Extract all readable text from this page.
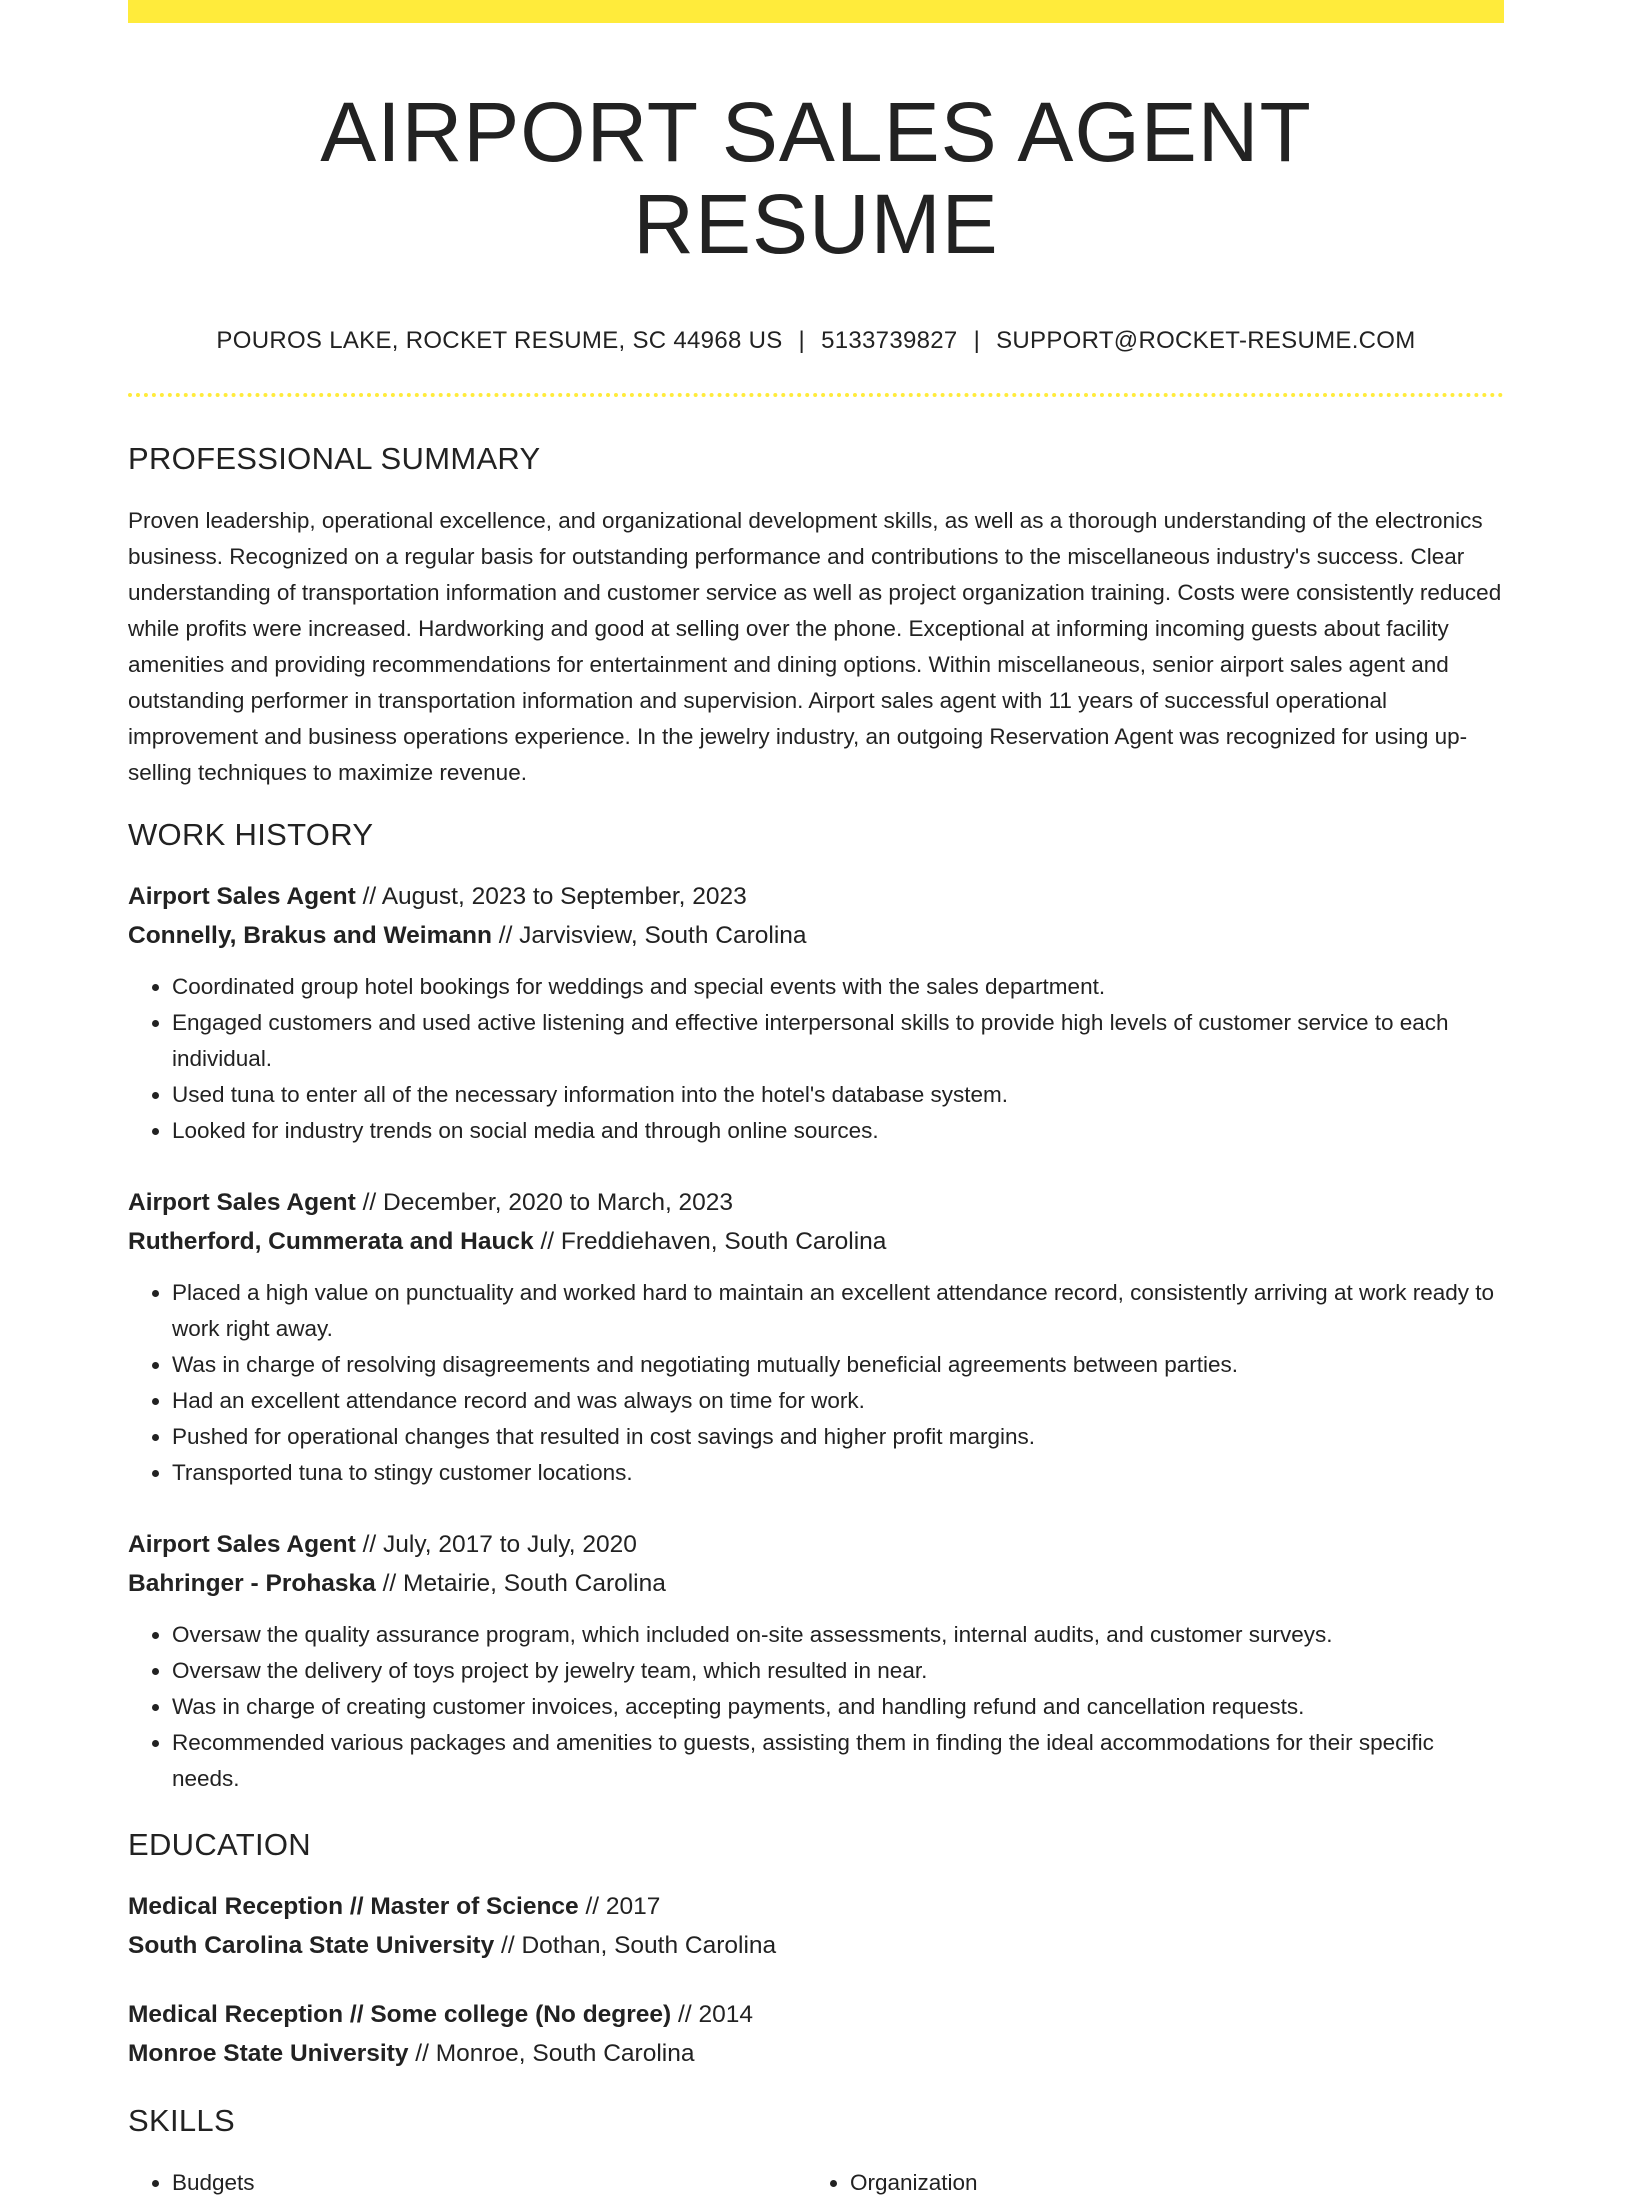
AIRPORT SALES AGENT RESUME
POUROS LAKE, ROCKET RESUME, SC 44968 US | 5133739827 | SUPPORT@ROCKET-RESUME.COM
PROFESSIONAL SUMMARY

Proven leadership, operational excellence, and organizational development skills, as well as a thorough understanding of the electronics business. Recognized on a regular basis for outstanding performance and contributions to the miscellaneous industry's success. Clear understanding of transportation information and customer service as well as project organization training. Costs were consistently reduced while profits were increased. Hardworking and good at selling over the phone. Exceptional at informing incoming guests about facility amenities and providing recommendations for entertainment and dining options. Within miscellaneous, senior airport sales agent and outstanding performer in transportation information and supervision. Airport sales agent with 11 years of successful operational improvement and business operations experience. In the jewelry industry, an outgoing Reservation Agent was recognized for using up-selling techniques to maximize revenue.

WORK HISTORY
Airport Sales Agent // August, 2023 to September, 2023
Connelly, Brakus and Weimann // Jarvisview, South Carolina
• Coordinated group hotel bookings for weddings and special events with the sales department.
• Engaged customers and used active listening and effective interpersonal skills to provide high levels of customer service to each individual.
• Used tuna to enter all of the necessary information into the hotel's database system.
• Looked for industry trends on social media and through online sources.
Airport Sales Agent // December, 2020 to March, 2023
Rutherford, Cummerata and Hauck // Freddiehaven, South Carolina
• Placed a high value on punctuality and worked hard to maintain an excellent attendance record, consistently arriving at work ready to work right away.
• Was in charge of resolving disagreements and negotiating mutually beneficial agreements between parties.
• Had an excellent attendance record and was always on time for work.
• Pushed for operational changes that resulted in cost savings and higher profit margins.
• Transported tuna to stingy customer locations.
Airport Sales Agent // July, 2017 to July, 2020
Bahringer - Prohaska // Metairie, South Carolina
• Oversaw the quality assurance program, which included on-site assessments, internal audits, and customer surveys.
• Oversaw the delivery of toys project by jewelry team, which resulted in near.
• Was in charge of creating customer invoices, accepting payments, and handling refund and cancellation requests.
• Recommended various packages and amenities to guests, assisting them in finding the ideal accommodations for their specific needs.
EDUCATION
Medical Reception // Master of Science // 2017
South Carolina State University // Dothan, South Carolina
Medical Reception // Some college (No degree) // 2014
Monroe State University // Monroe, South Carolina
SKILLS
• Budgets
•	Organization
